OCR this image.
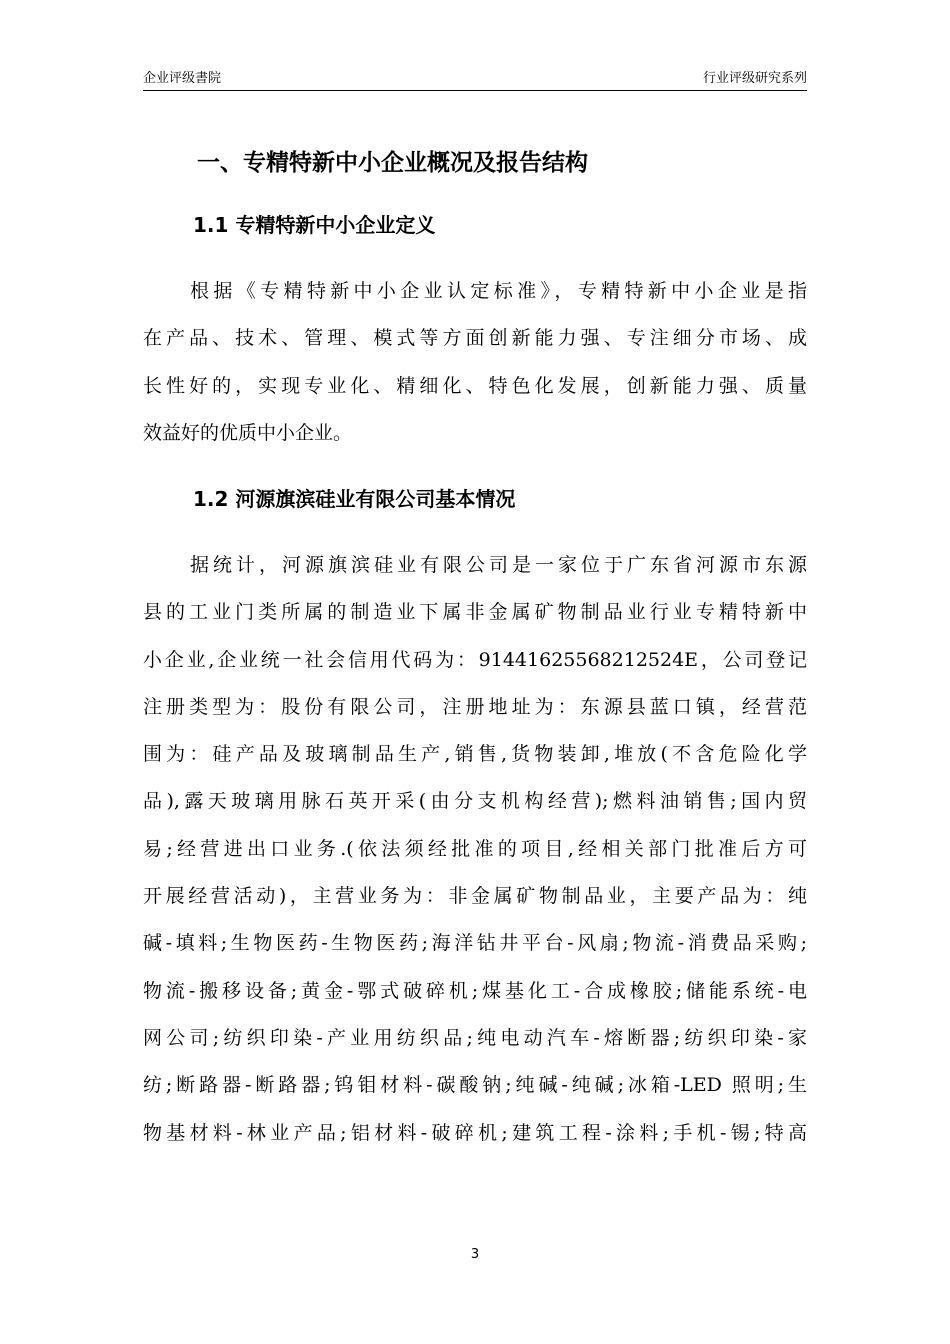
企业评级書院	行业评级研究系列
一、专精特新中小企业概况及报告结构
1.1 专精特新中小企业定义
根据《专精特新中小企业认定标准》，专精特新中小企业是指
在产品、技术、管理、模式等方面创新能力强、专注细分市场、成
长性好的，实现专业化、精细化、特色化发展，创新能力强、质量
效益好的优质中小企业。
1.2 河源旗滨硅业有限公司基本情况
据统计，河源旗滨硅业有限公司是一家位于广东省河源市东源
县的工业门类所属的制造业下属非金属矿物制品业行业专精特新中
小企业,企业统一社会信用代码为：91441625568212524E，公司登记
注册类型为：股份有限公司，注册地址为：东源县蓝口镇，经营范
围为：硅产品及玻璃制品生产,销售,货物装卸,堆放(不含危险化学
品),露天玻璃用脉石英开采(由分支机构经营);燃料油销售;国内贸
易;经营进出口业务.(依法须经批准的项目,经相关部门批准后方可
开展经营活动)，主营业务为：非金属矿物制品业，主要产品为：纯
碱-填料;生物医药-生物医药;海洋钻井平台-风扇;物流-消费品采购;
物流-搬移设备;黄金-鄂式破碎机;煤基化工-合成橡胶;储能系统-电
网公司;纺织印染-产业用纺织品;纯电动汽车-熔断器;纺织印染-家
纺;断路器-断路器;钨钼材料-碳酸钠;纯碱-纯碱;冰箱-LED 照明;生
物基材料-林业产品;铝材料-破碎机;建筑工程-涂料;手机-锡;特高
3
